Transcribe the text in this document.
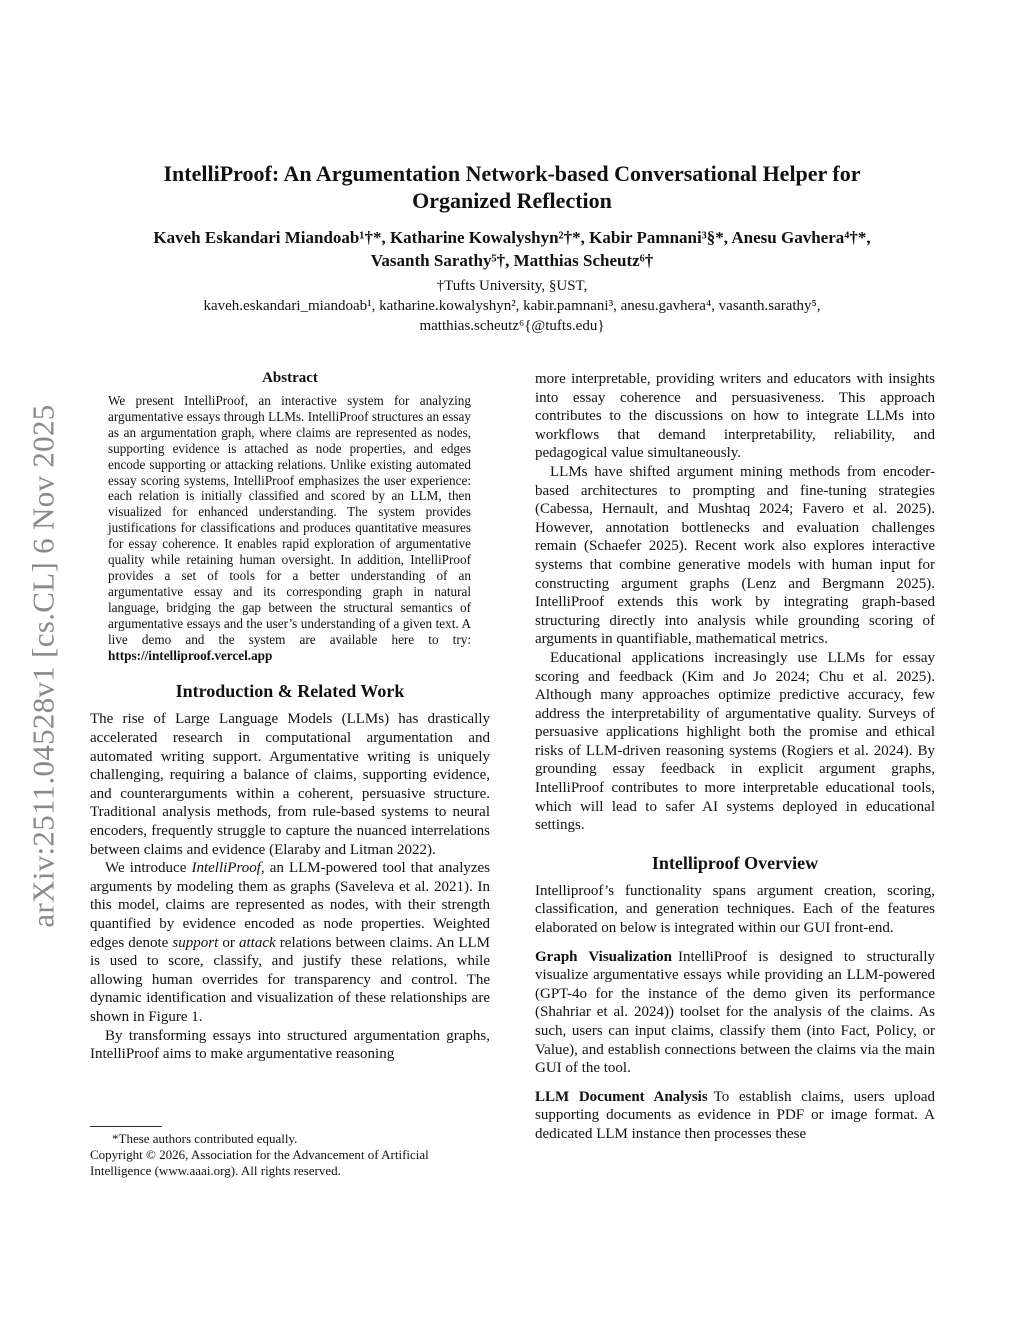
arXiv:2511.04528v1 [cs.CL] 6 Nov 2025

IntelliProof: An Argumentation Network-based Conversational Helper for
Organized Reflection

Kaveh Eskandari Miandoab¹†*, Katharine Kowalyshyn²†*, Kabir Pamnani³§*, Anesu Gavhera⁴†*,
Vasanth Sarathy⁵†, Matthias Scheutz⁶†

†Tufts University, §UST,

kaveh.eskandari_miandoab¹, katharine.kowalyshyn², kabir.pamnani³, anesu.gavhera⁴, vasanth.sarathy⁵,

matthias.scheutz⁶{@tufts.edu}

Abstract

We present IntelliProof, an interactive system for analyzing argumentative essays through LLMs. IntelliProof structures an essay as an argumentation graph, where claims are represented as nodes, supporting evidence is attached as node properties, and edges encode supporting or attacking relations. Unlike existing automated essay scoring systems, IntelliProof emphasizes the user experience: each relation is initially classified and scored by an LLM, then visualized for enhanced understanding. The system provides justifications for classifications and produces quantitative measures for essay coherence. It enables rapid exploration of argumentative quality while retaining human oversight. In addition, IntelliProof provides a set of tools for a better understanding of an argumentative essay and its corresponding graph in natural language, bridging the gap between the structural semantics of argumentative essays and the user’s understanding of a given text. A live demo and the system are available here to try: https://intelliproof.vercel.app

Introduction & Related Work

The rise of Large Language Models (LLMs) has drastically accelerated research in computational argumentation and automated writing support. Argumentative writing is uniquely challenging, requiring a balance of claims, supporting evidence, and counterarguments within a coherent, persuasive structure. Traditional analysis methods, from rule-based systems to neural encoders, frequently struggle to capture the nuanced interrelations between claims and evidence (Elaraby and Litman 2022).

We introduce IntelliProof, an LLM-powered tool that analyzes arguments by modeling them as graphs (Saveleva et al. 2021). In this model, claims are represented as nodes, with their strength quantified by evidence encoded as node properties. Weighted edges denote support or attack relations between claims. An LLM is used to score, classify, and justify these relations, while allowing human overrides for transparency and control. The dynamic identification and visualization of these relationships are shown in Figure 1.

By transforming essays into structured argumentation graphs, IntelliProof aims to make argumentative reasoning

*These authors contributed equally.

Copyright © 2026, Association for the Advancement of Artificial Intelligence (www.aaai.org). All rights reserved.

more interpretable, providing writers and educators with insights into essay coherence and persuasiveness. This approach contributes to the discussions on how to integrate LLMs into workflows that demand interpretability, reliability, and pedagogical value simultaneously.

LLMs have shifted argument mining methods from encoder-based architectures to prompting and fine-tuning strategies (Cabessa, Hernault, and Mushtaq 2024; Favero et al. 2025). However, annotation bottlenecks and evaluation challenges remain (Schaefer 2025). Recent work also explores interactive systems that combine generative models with human input for constructing argument graphs (Lenz and Bergmann 2025). IntelliProof extends this work by integrating graph-based structuring directly into analysis while grounding scoring of arguments in quantifiable, mathematical metrics.

Educational applications increasingly use LLMs for essay scoring and feedback (Kim and Jo 2024; Chu et al. 2025). Although many approaches optimize predictive accuracy, few address the interpretability of argumentative quality. Surveys of persuasive applications highlight both the promise and ethical risks of LLM-driven reasoning systems (Rogiers et al. 2024). By grounding essay feedback in explicit argument graphs, IntelliProof contributes to more interpretable educational tools, which will lead to safer AI systems deployed in educational settings.

Intelliproof Overview

Intelliproof’s functionality spans argument creation, scoring, classification, and generation techniques. Each of the features elaborated on below is integrated within our GUI front-end.

Graph Visualization IntelliProof is designed to structurally visualize argumentative essays while providing an LLM-powered (GPT-4o for the instance of the demo given its performance (Shahriar et al. 2024)) toolset for the analysis of the claims. As such, users can input claims, classify them (into Fact, Policy, or Value), and establish connections between the claims via the main GUI of the tool.

LLM Document Analysis To establish claims, users upload supporting documents as evidence in PDF or image format. A dedicated LLM instance then processes these
